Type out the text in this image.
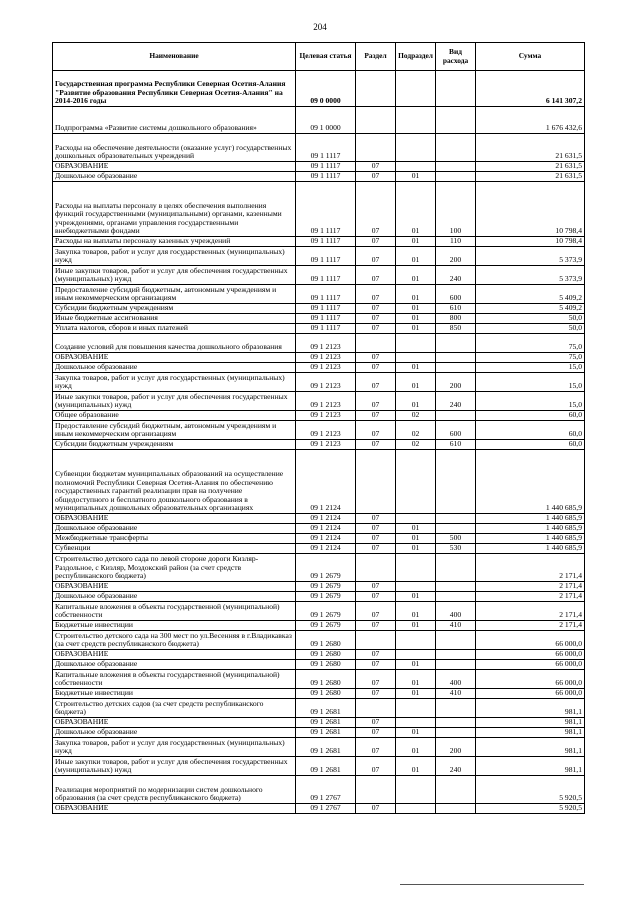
204
Наименование	Целевая статья	Раздел	Подраздел	Вид расхода	Сумма
Государственная программа Республики Северная Осетия-Алания "Развитие образования Республики Северная Осетия-Алания" на 2014-2016 годы	09 0 0000				6 141 307,2
Подпрограмма «Развитие системы дошкольного образования»	09 1 0000				1 676 432,6
Расходы на обеспечение деятельности (оказание услуг) государственных дошкольных образовательных учреждений	09 1 1117				21 631,5
ОБРАЗОВАНИЕ	09 1 1117	07			21 631,5
Дошкольное образование	09 1 1117	07	01		21 631,5
Расходы на выплаты персоналу в целях обеспечения выполнения функций государственными (муниципальными) органами, казенными учреждениями, органами управления государственными внебюджетными фондами	09 1 1117	07	01	100	10 798,4
Расходы на выплаты персоналу казенных учреждений	09 1 1117	07	01	110	10 798,4
Закупка товаров, работ и услуг для государственных (муниципальных) нужд	09 1 1117	07	01	200	5 373,9
Иные закупки товаров, работ и услуг для обеспечения государственных (муниципальных) нужд	09 1 1117	07	01	240	5 373,9
Предоставление субсидий бюджетным, автономным учреждениям и иным некоммерческим организациям	09 1 1117	07	01	600	5 409,2
Субсидии бюджетным учреждениям	09 1 1117	07	01	610	5 409,2
Иные бюджетные ассигнования	09 1 1117	07	01	800	50,0
Уплата налогов, сборов и иных платежей	09 1 1117	07	01	850	50,0
Создание условий для повышения качества дошкольного образования	09 1 2123				75,0
ОБРАЗОВАНИЕ	09 1 2123	07			75,0
Дошкольное образование	09 1 2123	07	01		15,0
Закупка товаров, работ и услуг для государственных (муниципальных) нужд	09 1 2123	07	01	200	15,0
Иные закупки товаров, работ и услуг для обеспечения государственных (муниципальных) нужд	09 1 2123	07	01	240	15,0
Общее образование	09 1 2123	07	02		60,0
Предоставление субсидий бюджетным, автономным учреждениям и иным некоммерческим организациям	09 1 2123	07	02	600	60,0
Субсидии бюджетным учреждениям	09 1 2123	07	02	610	60,0
Субвенции бюджетам муниципальных образований на осуществление полномочий Республики Северная Осетия-Алания по обеспечению государственных гарантий реализации прав на получение общедоступного и бесплатного дошкольного образования в муниципальных дошкольных образовательных организациях	09 1 2124				1 440 685,9
ОБРАЗОВАНИЕ	09 1 2124	07			1 440 685,9
Дошкольное образование	09 1 2124	07	01		1 440 685,9
Межбюджетные трансферты	09 1 2124	07	01	500	1 440 685,9
Субвенции	09 1 2124	07	01	530	1 440 685,9
Строительство детского сада по левой стороне дороги Кизляр-Раздольное, с Кизляр, Моздокский район (за счет средств республиканского бюджета)	09 1 2679				2 171,4
ОБРАЗОВАНИЕ	09 1 2679	07			2 171,4
Дошкольное образование	09 1 2679	07	01		2 171,4
Капитальные вложения в объекты государственной (муниципальной) собственности	09 1 2679	07	01	400	2 171,4
Бюджетные инвестиции	09 1 2679	07	01	410	2 171,4
Строительство детского сада на 300 мест по ул.Весенняя в г.Владикавказ (за счет средств республиканского бюджета)	09 1 2680				66 000,0
ОБРАЗОВАНИЕ	09 1 2680	07			66 000,0
Дошкольное образование	09 1 2680	07	01		66 000,0
Капитальные вложения в объекты государственной (муниципальной) собственности	09 1 2680	07	01	400	66 000,0
Бюджетные инвестиции	09 1 2680	07	01	410	66 000,0
Строительство детских садов (за счет средств республиканского бюджета)	09 1 2681				981,1
ОБРАЗОВАНИЕ	09 1 2681	07			981,1
Дошкольное образование	09 1 2681	07	01		981,1
Закупка товаров, работ и услуг для государственных (муниципальных) нужд	09 1 2681	07	01	200	981,1
Иные закупки товаров, работ и услуг для обеспечения государственных (муниципальных) нужд	09 1 2681	07	01	240	981,1
Реализация мероприятий по модернизации систем дошкольного образования (за счет средств республиканского бюджета)	09 1 2767				5 920,5
ОБРАЗОВАНИЕ	09 1 2767	07			5 920,5
